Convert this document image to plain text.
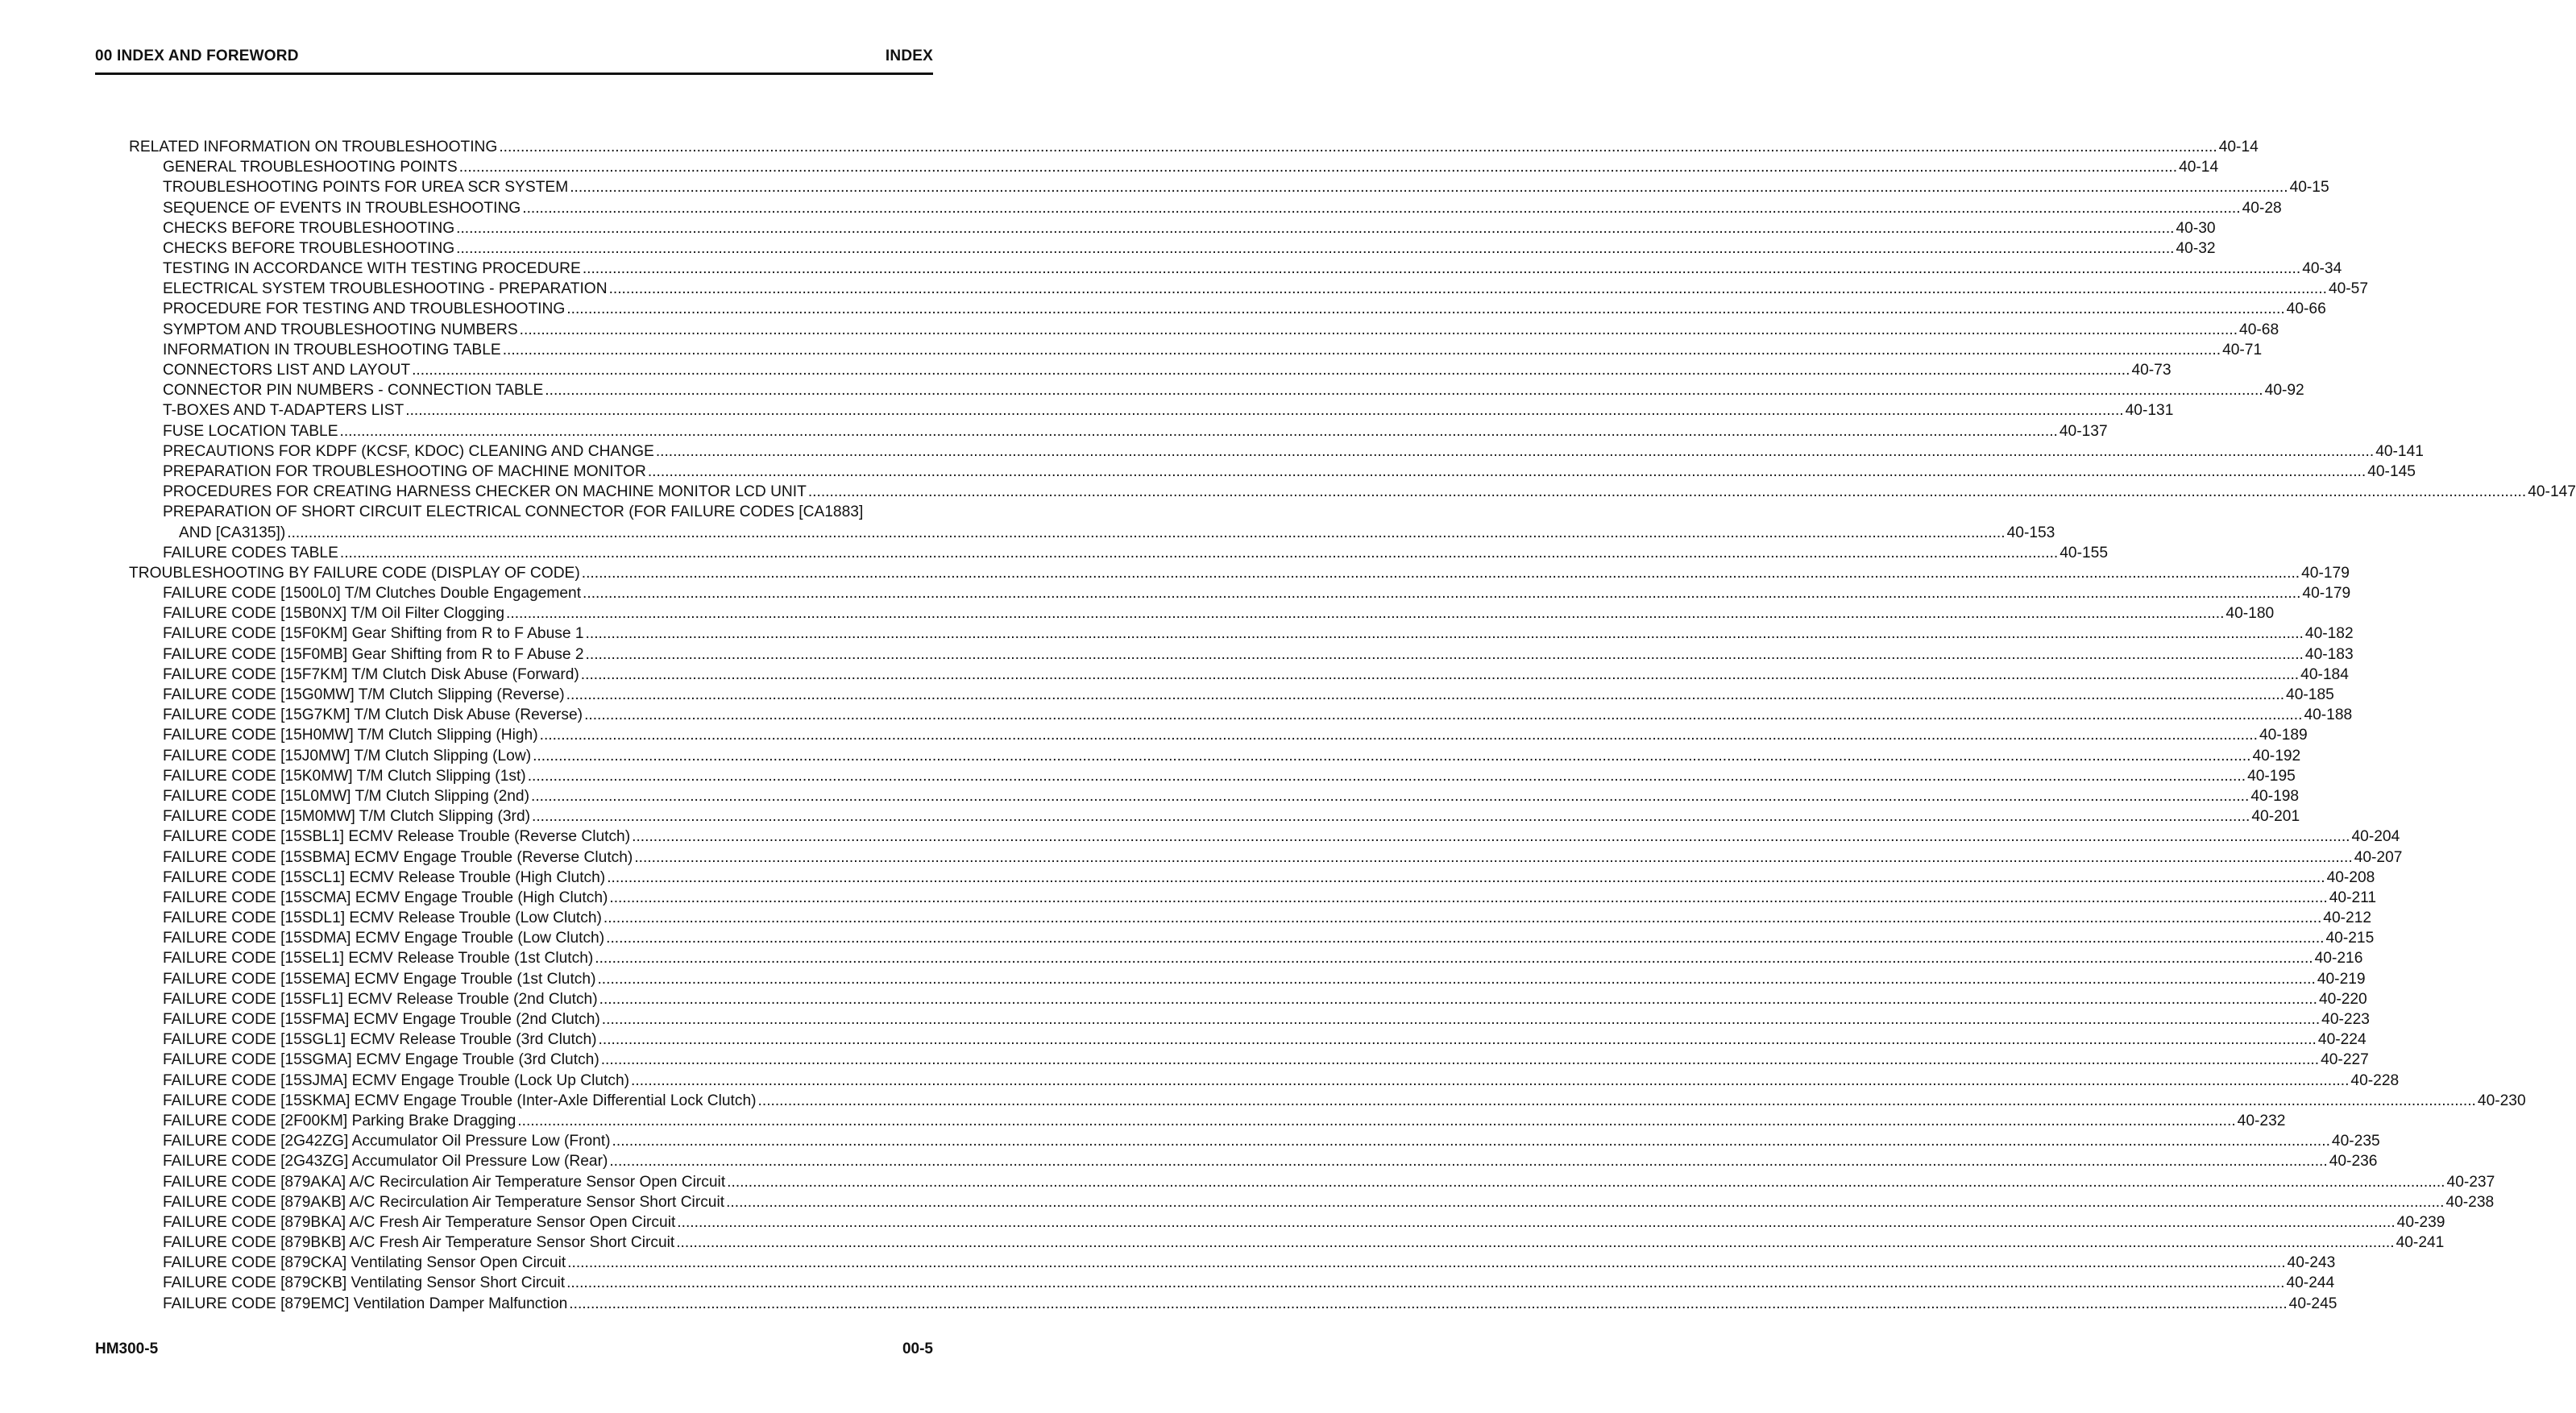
00 INDEX AND FOREWORD	INDEX
RELATED INFORMATION ON TROUBLESHOOTING ................................................................................................................................................................................................................................................................................................................................................................................................................ 40-14
GENERAL TROUBLESHOOTING POINTS ................................................................................................................................................................................................................................................................................................................................................................................................................ 40-14
TROUBLESHOOTING POINTS FOR UREA SCR SYSTEM ................................................................................................................................................................................................................................................................................................................................................................................................................ 40-15
SEQUENCE OF EVENTS IN TROUBLESHOOTING ................................................................................................................................................................................................................................................................................................................................................................................................................ 40-28
CHECKS BEFORE TROUBLESHOOTING ................................................................................................................................................................................................................................................................................................................................................................................................................ 40-30
CHECKS BEFORE TROUBLESHOOTING ................................................................................................................................................................................................................................................................................................................................................................................................................ 40-32
TESTING IN ACCORDANCE WITH TESTING PROCEDURE ................................................................................................................................................................................................................................................................................................................................................................................................................ 40-34
ELECTRICAL SYSTEM TROUBLESHOOTING - PREPARATION ................................................................................................................................................................................................................................................................................................................................................................................................................ 40-57
PROCEDURE FOR TESTING AND TROUBLESHOOTING ................................................................................................................................................................................................................................................................................................................................................................................................................ 40-66
SYMPTOM AND TROUBLESHOOTING NUMBERS ................................................................................................................................................................................................................................................................................................................................................................................................................ 40-68
INFORMATION IN TROUBLESHOOTING TABLE ................................................................................................................................................................................................................................................................................................................................................................................................................ 40-71
CONNECTORS LIST AND LAYOUT ................................................................................................................................................................................................................................................................................................................................................................................................................ 40-73
CONNECTOR PIN NUMBERS - CONNECTION TABLE ................................................................................................................................................................................................................................................................................................................................................................................................................ 40-92
T-BOXES AND T-ADAPTERS LIST ................................................................................................................................................................................................................................................................................................................................................................................................................ 40-131
FUSE LOCATION TABLE ................................................................................................................................................................................................................................................................................................................................................................................................................ 40-137
PRECAUTIONS FOR KDPF (KCSF, KDOC) CLEANING AND CHANGE ................................................................................................................................................................................................................................................................................................................................................................................................................ 40-141
PREPARATION FOR TROUBLESHOOTING OF MACHINE MONITOR ................................................................................................................................................................................................................................................................................................................................................................................................................ 40-145
PROCEDURES FOR CREATING HARNESS CHECKER ON MACHINE MONITOR LCD UNIT ................................................................................................................................................................................................................................................................................................................................................................................................................ 40-147
PREPARATION OF SHORT CIRCUIT ELECTRICAL CONNECTOR (FOR FAILURE CODES [CA1883]
AND [CA3135]) ................................................................................................................................................................................................................................................................................................................................................................................................................ 40-153
FAILURE CODES TABLE ................................................................................................................................................................................................................................................................................................................................................................................................................ 40-155
TROUBLESHOOTING BY FAILURE CODE (DISPLAY OF CODE) ................................................................................................................................................................................................................................................................................................................................................................................................................ 40-179
FAILURE CODE [1500L0] T/M Clutches Double Engagement ................................................................................................................................................................................................................................................................................................................................................................................................................ 40-179
FAILURE CODE [15B0NX] T/M Oil Filter Clogging ................................................................................................................................................................................................................................................................................................................................................................................................................ 40-180
FAILURE CODE [15F0KM] Gear Shifting from R to F Abuse 1 ................................................................................................................................................................................................................................................................................................................................................................................................................ 40-182
FAILURE CODE [15F0MB] Gear Shifting from R to F Abuse 2 ................................................................................................................................................................................................................................................................................................................................................................................................................ 40-183
FAILURE CODE [15F7KM] T/M Clutch Disk Abuse (Forward) ................................................................................................................................................................................................................................................................................................................................................................................................................ 40-184
FAILURE CODE [15G0MW] T/M Clutch Slipping (Reverse) ................................................................................................................................................................................................................................................................................................................................................................................................................ 40-185
FAILURE CODE [15G7KM] T/M Clutch Disk Abuse (Reverse) ................................................................................................................................................................................................................................................................................................................................................................................................................ 40-188
FAILURE CODE [15H0MW] T/M Clutch Slipping (High) ................................................................................................................................................................................................................................................................................................................................................................................................................ 40-189
FAILURE CODE [15J0MW] T/M Clutch Slipping (Low) ................................................................................................................................................................................................................................................................................................................................................................................................................ 40-192
FAILURE CODE [15K0MW] T/M Clutch Slipping (1st) ................................................................................................................................................................................................................................................................................................................................................................................................................ 40-195
FAILURE CODE [15L0MW] T/M Clutch Slipping (2nd) ................................................................................................................................................................................................................................................................................................................................................................................................................ 40-198
FAILURE CODE [15M0MW] T/M Clutch Slipping (3rd) ................................................................................................................................................................................................................................................................................................................................................................................................................ 40-201
FAILURE CODE [15SBL1] ECMV Release Trouble (Reverse Clutch) ................................................................................................................................................................................................................................................................................................................................................................................................................ 40-204
FAILURE CODE [15SBMA] ECMV Engage Trouble (Reverse Clutch) ................................................................................................................................................................................................................................................................................................................................................................................................................ 40-207
FAILURE CODE [15SCL1] ECMV Release Trouble (High Clutch) ................................................................................................................................................................................................................................................................................................................................................................................................................ 40-208
FAILURE CODE [15SCMA] ECMV Engage Trouble (High Clutch) ................................................................................................................................................................................................................................................................................................................................................................................................................ 40-211
FAILURE CODE [15SDL1] ECMV Release Trouble (Low Clutch) ................................................................................................................................................................................................................................................................................................................................................................................................................ 40-212
FAILURE CODE [15SDMA] ECMV Engage Trouble (Low Clutch) ................................................................................................................................................................................................................................................................................................................................................................................................................ 40-215
FAILURE CODE [15SEL1] ECMV Release Trouble (1st Clutch) ................................................................................................................................................................................................................................................................................................................................................................................................................ 40-216
FAILURE CODE [15SEMA] ECMV Engage Trouble (1st Clutch) ................................................................................................................................................................................................................................................................................................................................................................................................................ 40-219
FAILURE CODE [15SFL1] ECMV Release Trouble (2nd Clutch) ................................................................................................................................................................................................................................................................................................................................................................................................................ 40-220
FAILURE CODE [15SFMA] ECMV Engage Trouble (2nd Clutch) ................................................................................................................................................................................................................................................................................................................................................................................................................ 40-223
FAILURE CODE [15SGL1] ECMV Release Trouble (3rd Clutch) ................................................................................................................................................................................................................................................................................................................................................................................................................ 40-224
FAILURE CODE [15SGMA] ECMV Engage Trouble (3rd Clutch) ................................................................................................................................................................................................................................................................................................................................................................................................................ 40-227
FAILURE CODE [15SJMA] ECMV Engage Trouble (Lock Up Clutch) ................................................................................................................................................................................................................................................................................................................................................................................................................ 40-228
FAILURE CODE [15SKMA] ECMV Engage Trouble (Inter-Axle Differential Lock Clutch) ................................................................................................................................................................................................................................................................................................................................................................................................................ 40-230
FAILURE CODE [2F00KM] Parking Brake Dragging ................................................................................................................................................................................................................................................................................................................................................................................................................ 40-232
FAILURE CODE [2G42ZG] Accumulator Oil Pressure Low (Front) ................................................................................................................................................................................................................................................................................................................................................................................................................ 40-235
FAILURE CODE [2G43ZG] Accumulator Oil Pressure Low (Rear) ................................................................................................................................................................................................................................................................................................................................................................................................................ 40-236
FAILURE CODE [879AKA] A/C Recirculation Air Temperature Sensor Open Circuit ................................................................................................................................................................................................................................................................................................................................................................................................................ 40-237
FAILURE CODE [879AKB] A/C Recirculation Air Temperature Sensor Short Circuit ................................................................................................................................................................................................................................................................................................................................................................................................................ 40-238
FAILURE CODE [879BKA] A/C Fresh Air Temperature Sensor Open Circuit ................................................................................................................................................................................................................................................................................................................................................................................................................ 40-239
FAILURE CODE [879BKB] A/C Fresh Air Temperature Sensor Short Circuit ................................................................................................................................................................................................................................................................................................................................................................................................................ 40-241
FAILURE CODE [879CKA] Ventilating Sensor Open Circuit ................................................................................................................................................................................................................................................................................................................................................................................................................ 40-243
FAILURE CODE [879CKB] Ventilating Sensor Short Circuit ................................................................................................................................................................................................................................................................................................................................................................................................................ 40-244
FAILURE CODE [879EMC] Ventilation Damper Malfunction ................................................................................................................................................................................................................................................................................................................................................................................................................ 40-245
HM300-5	00-5
